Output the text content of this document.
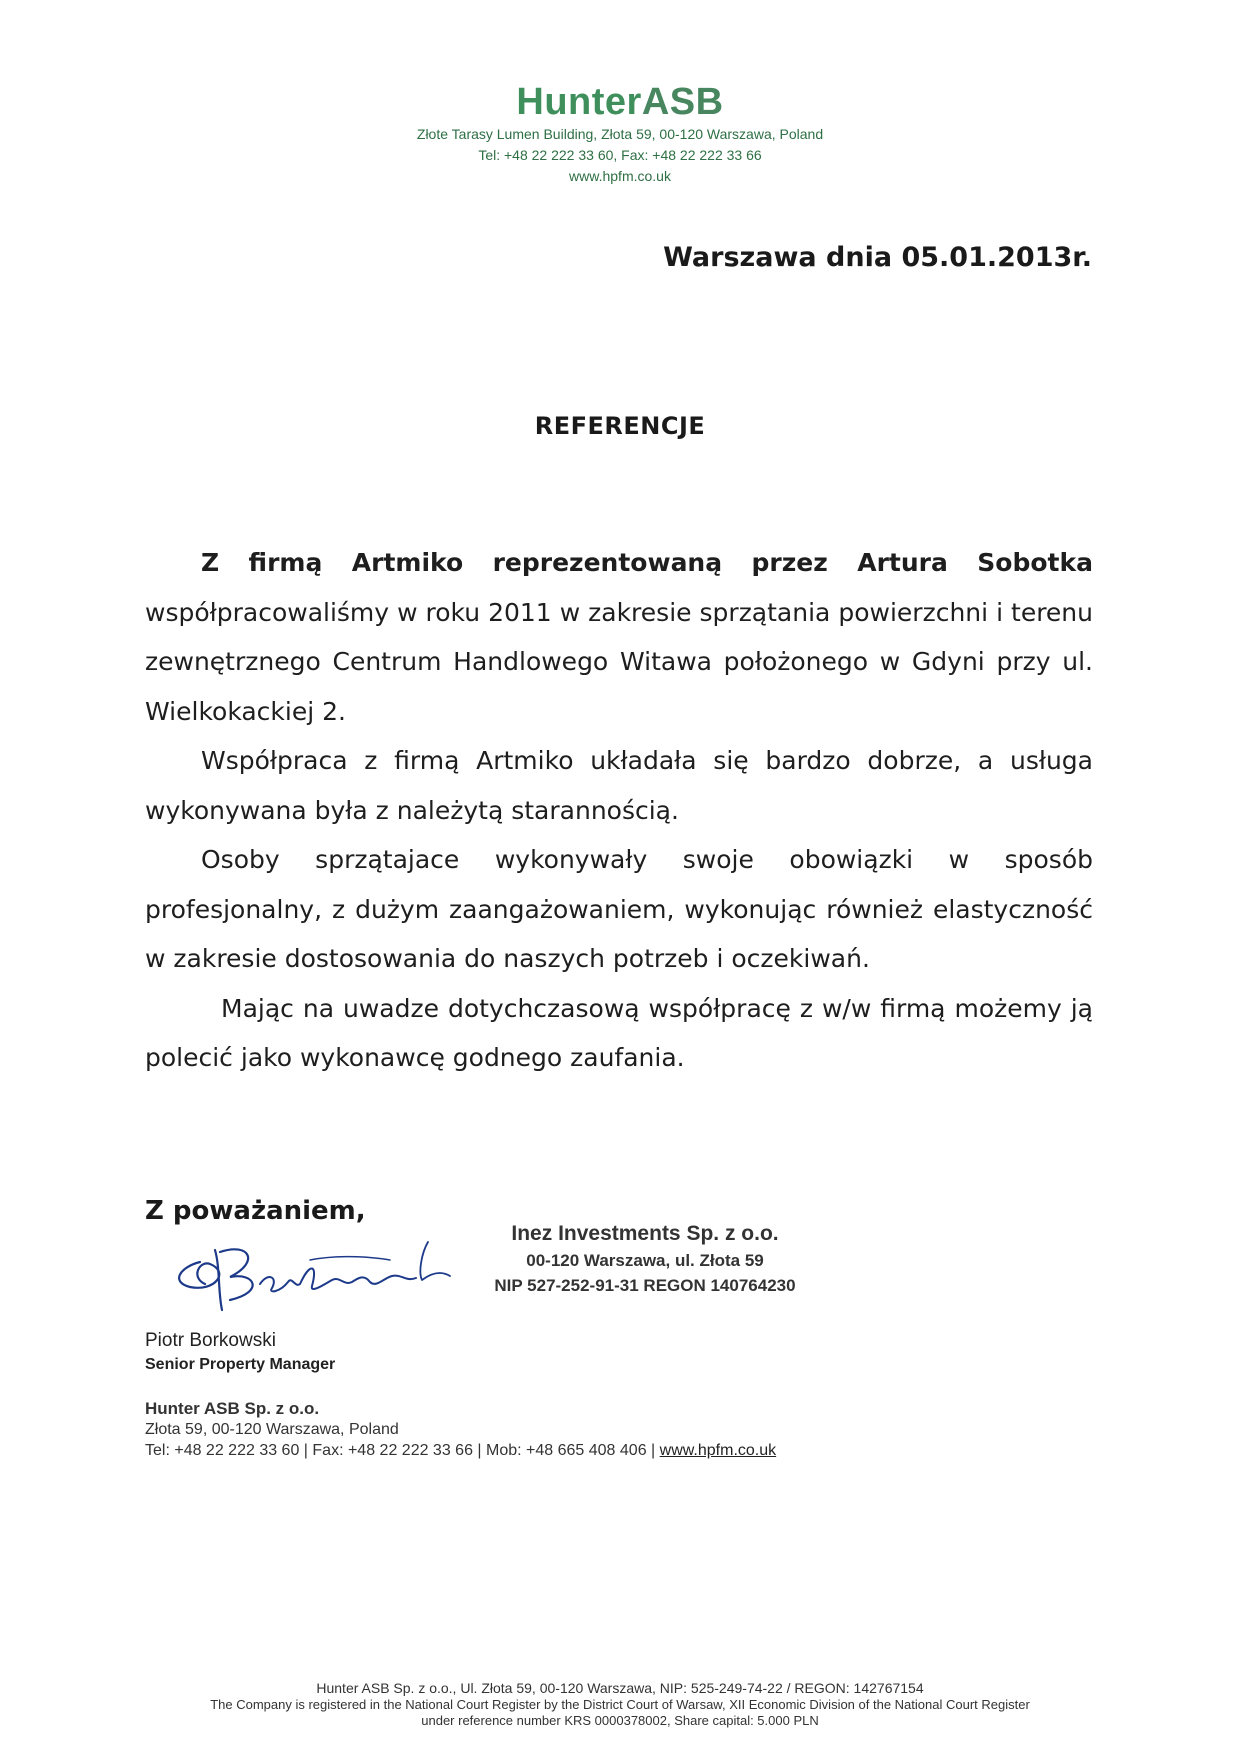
HunterASB
Złote Tarasy Lumen Building, Złota 59, 00-120 Warszawa, Poland
Tel: +48 22 222 33 60, Fax: +48 22 222 33 66
www.hpfm.co.uk
Warszawa dnia 05.01.2013r.
REFERENCJE

Z firmą Artmiko reprezentowaną przez Artura Sobotka współpracowaliśmy w roku 2011 w zakresie sprzątania powierzchni i terenu zewnętrznego Centrum Handlowego Witawa położonego w Gdyni przy ul. Wielkokackiej 2.

Współpraca z firmą Artmiko układała się bardzo dobrze, a usługa wykonywana była z należytą starannością.

Osoby sprzątajace wykonywały swoje obowiązki w sposób profesjonalny, z dużym zaangażowaniem, wykonując również elastyczność w zakresie dostosowania do naszych potrzeb i oczekiwań.

Mając na uwadze dotychczasową współpracę z w/w firmą możemy ją polecić jako wykonawcę godnego zaufania.

Z poważaniem,
Inez Investments Sp. z o.o.
00-120 Warszawa, ul. Złota 59
NIP 527-252-91-31 REGON 140764230
Piotr Borkowski
Senior Property Manager
Hunter ASB Sp. z o.o.
Złota 59, 00-120 Warszawa, Poland
Tel: +48 22 222 33 60 | Fax: +48 22 222 33 66 | Mob: +48 665 408 406 | www.hpfm.co.uk
Hunter ASB Sp. z o.o., Ul. Złota 59, 00-120 Warszawa, NIP: 525-249-74-22 / REGON: 142767154
The Company is registered in the National Court Register by the District Court of Warsaw, XII Economic Division of the National Court Register
under reference number KRS 0000378002, Share capital: 5.000 PLN
